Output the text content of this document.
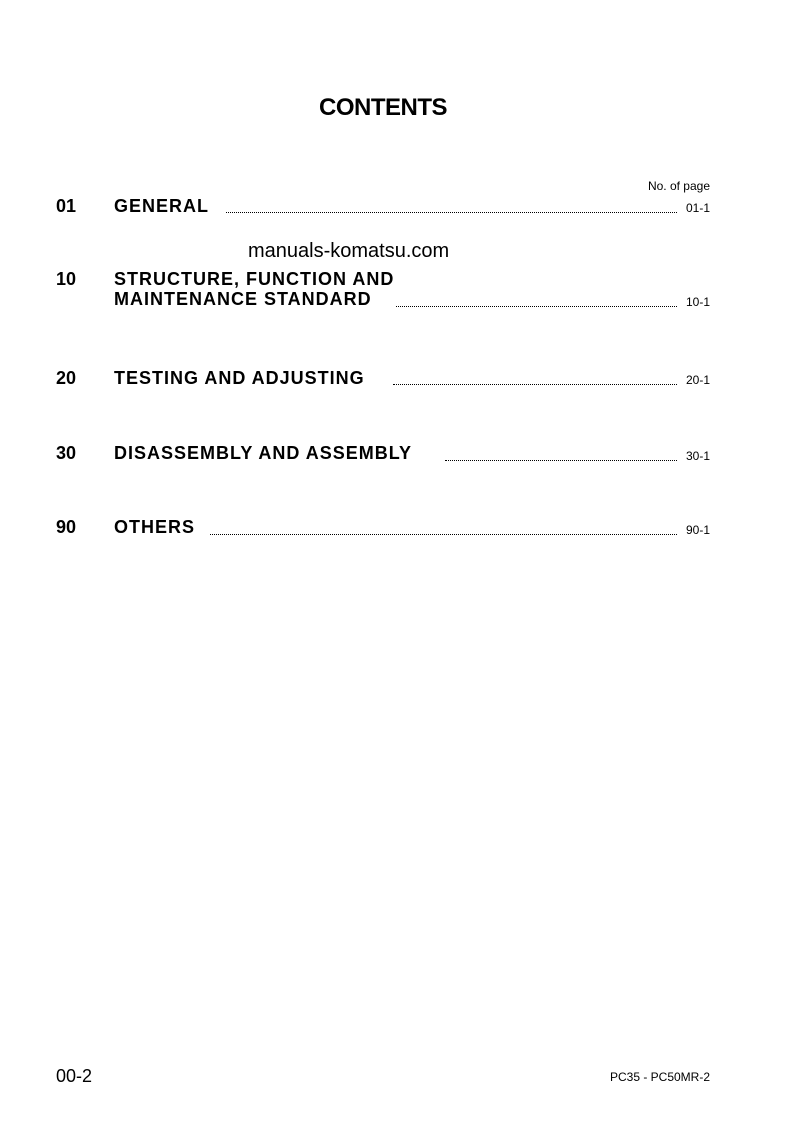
CONTENTS
No. of page
manuals-komatsu.com
01 GENERAL	01-1
10 STRUCTURE, FUNCTION AND
MAINTENANCE STANDARD	10-1
20 TESTING AND ADJUSTING	20-1
30 DISASSEMBLY AND ASSEMBLY	30-1
90 OTHERS	90-1
00-2	PC35 - PC50MR-2
